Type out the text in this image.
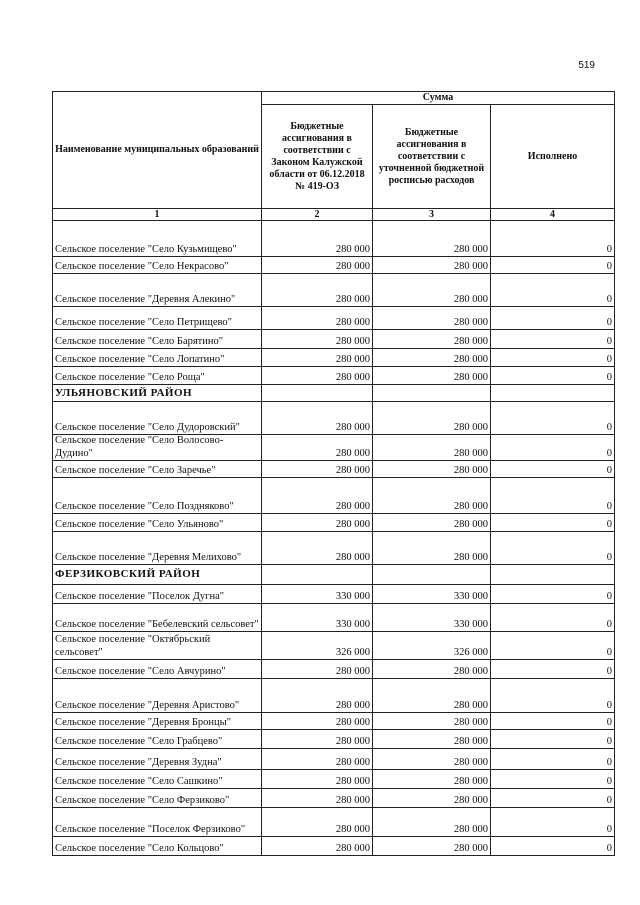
519
Наименование муниципальных образований	Сумма		
	Бюджетные ассигнования в соответствии с Законом Калужской области от 06.12.2018 № 419-ОЗ	Бюджетные ассигнования в соответствии с уточненной бюджетной росписью расходов	Исполнено
1	2	3	4
Сельское поселение "Село Кузьмищево"	280 000	280 000	0
Сельское поселение "Село Некрасово"	280 000	280 000	0
Сельское поселение "Деревня Алекино"	280 000	280 000	0
Сельское поселение "Село Петрищево"	280 000	280 000	0
Сельское поселение "Село Барятино"	280 000	280 000	0
Сельское поселение "Село Лопатино"	280 000	280 000	0
Сельское поселение "Село Роща"	280 000	280 000	0
УЛЬЯНОВСКИЙ РАЙОН			
Сельское поселение "Село Дудоровский"	280 000	280 000	0
Сельское поселение "Село Волосово-Дудино"	280 000	280 000	0
Сельское поселение "Село Заречье"	280 000	280 000	0
Сельское поселение "Село Поздняково"	280 000	280 000	0
Сельское поселение "Село Ульяново"	280 000	280 000	0
Сельское поселение "Деревня Мелихово"	280 000	280 000	0
ФЕРЗИКОВСКИЙ РАЙОН			
Сельское поселение "Поселок Дугна"	330 000	330 000	0
Сельское поселение "Бебелевский сельсовет"	330 000	330 000	0
Сельское поселение "Октябрьский сельсовет"	326 000	326 000	0
Сельское поселение "Село Авчурино"	280 000	280 000	0
Сельское поселение "Деревня Аристово"	280 000	280 000	0
Сельское поселение "Деревня Бронцы"	280 000	280 000	0
Сельское поселение "Село Грабцево"	280 000	280 000	0
Сельское поселение "Деревня Зудна"	280 000	280 000	0
Сельское поселение "Село Сашкино"	280 000	280 000	0
Сельское поселение "Село Ферзиково"	280 000	280 000	0
Сельское поселение "Поселок Ферзиково"	280 000	280 000	0
Сельское поселение "Село Кольцово"	280 000	280 000	0
